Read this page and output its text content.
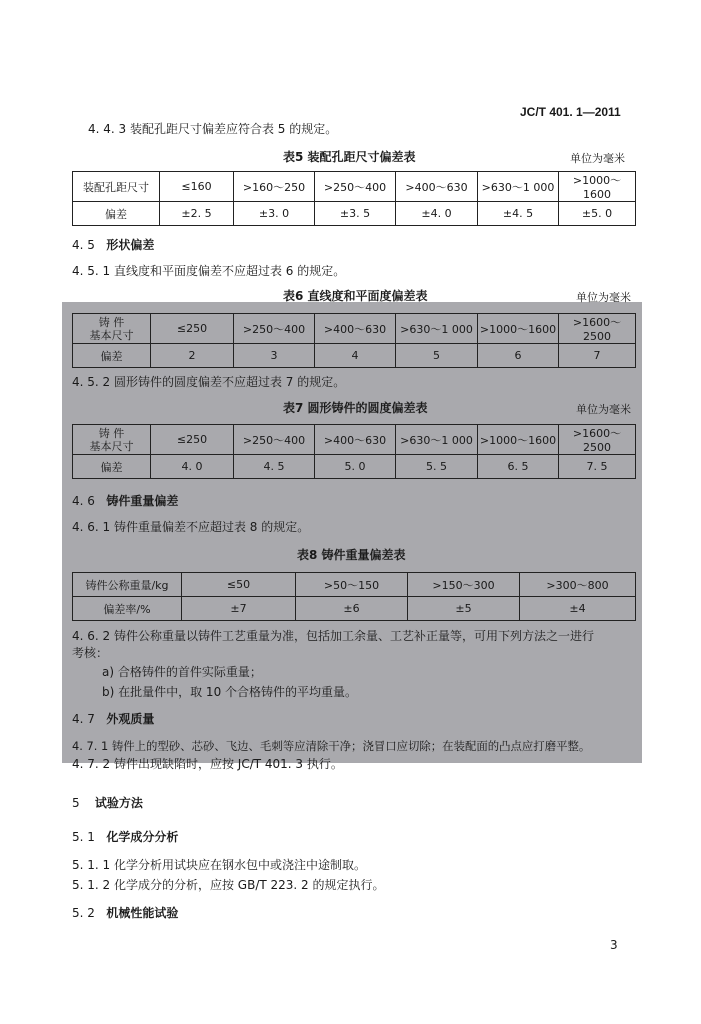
JC/T 401. 1—2011
4. 4. 3 装配孔距尺寸偏差应符合表 5 的规定。
表5 装配孔距尺寸偏差表	单位为毫米
装配孔距尺寸	≤160	>160～250	>250～400	>400～630	>630～1 000	>1000～1600
偏差	±2. 5	±3. 0	±3. 5	±4. 0	±4. 5	±5. 0
4. 5 形状偏差
4. 5. 1 直线度和平面度偏差不应超过表 6 的规定。
表6 直线度和平面度偏差表	单位为毫米
铸 件
基本尺寸	≤250	>250～400	>400～630	>630～1 000	>1000～1600	>1600～2500
偏差	2	3	4	5	6	7
4. 5. 2 圆形铸件的圆度偏差不应超过表 7 的规定。
表7 圆形铸件的圆度偏差表	单位为毫米
铸 件
基本尺寸	≤250	>250～400	>400～630	>630～1 000	>1000～1600	>1600～2500
偏差	4. 0	4. 5	5. 0	5. 5	6. 5	7. 5
4. 6 铸件重量偏差
4. 6. 1 铸件重量偏差不应超过表 8 的规定。
表8 铸件重量偏差表
铸件公称重量/kg	≤50	>50～150	>150～300	>300～800
偏差率/%	±7	±6	±5	±4
4. 6. 2 铸件公称重量以铸件工艺重量为准，包括加工余量、工艺补正量等，可用下列方法之一进行
考核：
a) 合格铸件的首件实际重量；
b) 在批量件中，取 10 个合格铸件的平均重量。
4. 7 外观质量
4. 7. 1 铸件上的型砂、芯砂、飞边、毛刺等应清除干净；浇冒口应切除；在装配面的凸点应打磨平整。
4. 7. 2 铸件出现缺陷时，应按 JC/T 401. 3 执行。
5 试验方法
5. 1 化学成分分析
5. 1. 1 化学分析用试块应在钢水包中或浇注中途制取。
5. 1. 2 化学成分的分析，应按 GB/T 223. 2 的规定执行。
5. 2 机械性能试验
3
